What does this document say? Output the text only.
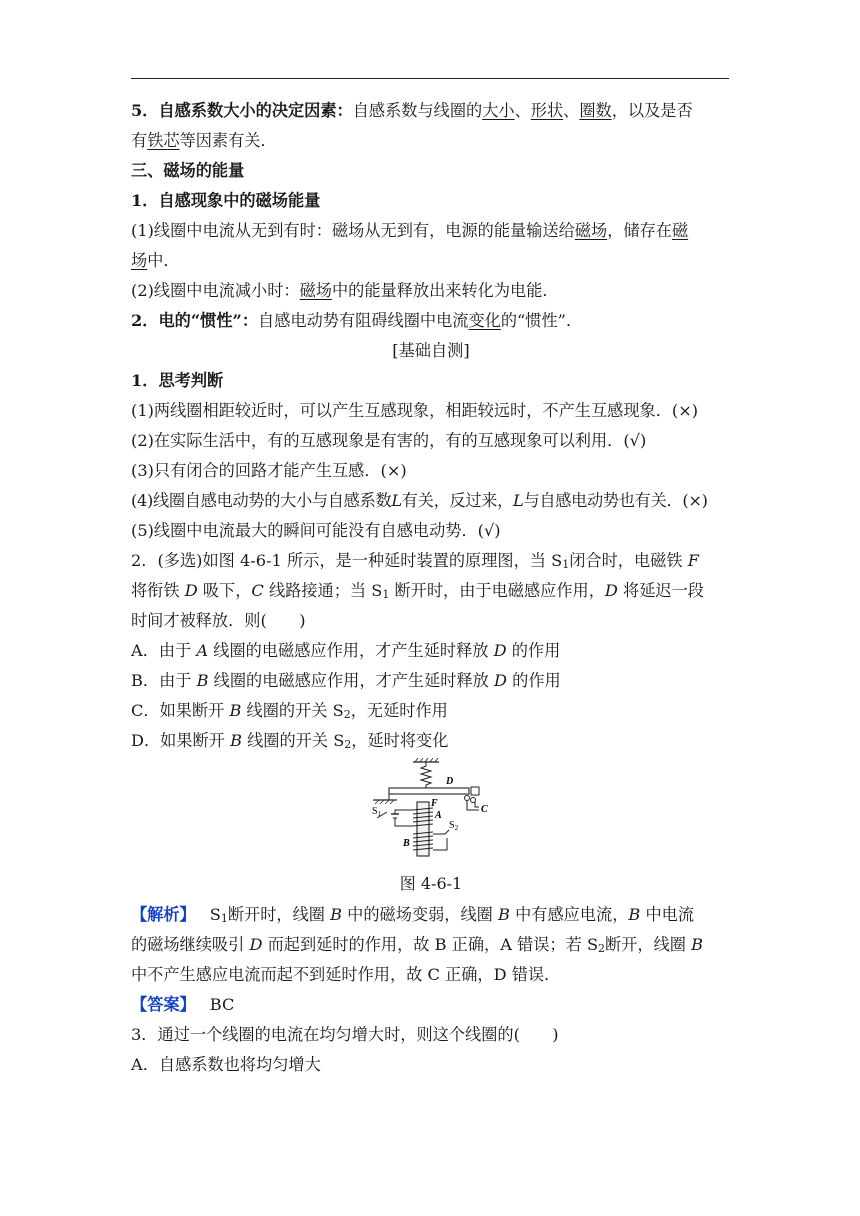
5．自感系数大小的决定因素：自感系数与线圈的大小、形状、圈数，以及是否
有铁芯等因素有关．
三、磁场的能量
1．自感现象中的磁场能量
(1)线圈中电流从无到有时：磁场从无到有，电源的能量输送给磁场，储存在磁
场中．
(2)线圈中电流减小时：磁场中的能量释放出来转化为电能．
2．电的“惯性”：自感电动势有阻碍线圈中电流变化的“惯性”．
[基础自测]
1．思考判断
(1)两线圈相距较近时，可以产生互感现象，相距较远时，不产生互感现象．(×)
(2)在实际生活中，有的互感现象是有害的，有的互感现象可以利用．(√)
(3)只有闭合的回路才能产生互感．(×)
(4)线圈自感电动势的大小与自感系数L有关，反过来，L与自感电动势也有关．(×)
(5)线圈中电流最大的瞬间可能没有自感电动势．(√)
2．(多选)如图 4-6-1 所示，是一种延时装置的原理图，当 $S_1$闭合时，电磁铁 F
将衔铁 D 吸下，C 线路接通；当 $S_1$ 断开时，由于电磁感应作用，D 将延迟一段
时间才被释放．则(　　)
A．由于 A 线圈的电磁感应作用，才产生延时释放 D 的作用
B．由于 B 线圈的电磁感应作用，才产生延时释放 D 的作用
C．如果断开 B 线圈的开关 $S_2$，无延时作用
D．如果断开 B 线圈的开关 $S_2$，延时将变化
D
$S_1$
F
A
$S_2$
B
C
图 4-6-1
【解析】 $S_1$断开时，线圈 B 中的磁场变弱，线圈 B 中有感应电流，B 中电流
的磁场继续吸引 D 而起到延时的作用，故 B 正确，A 错误；若 $S_2$断开，线圈 B
中不产生感应电流而起不到延时作用，故 C 正确，D 错误．
【答案】 BC
3．通过一个线圈的电流在均匀增大时，则这个线圈的(　　)
A．自感系数也将均匀增大
